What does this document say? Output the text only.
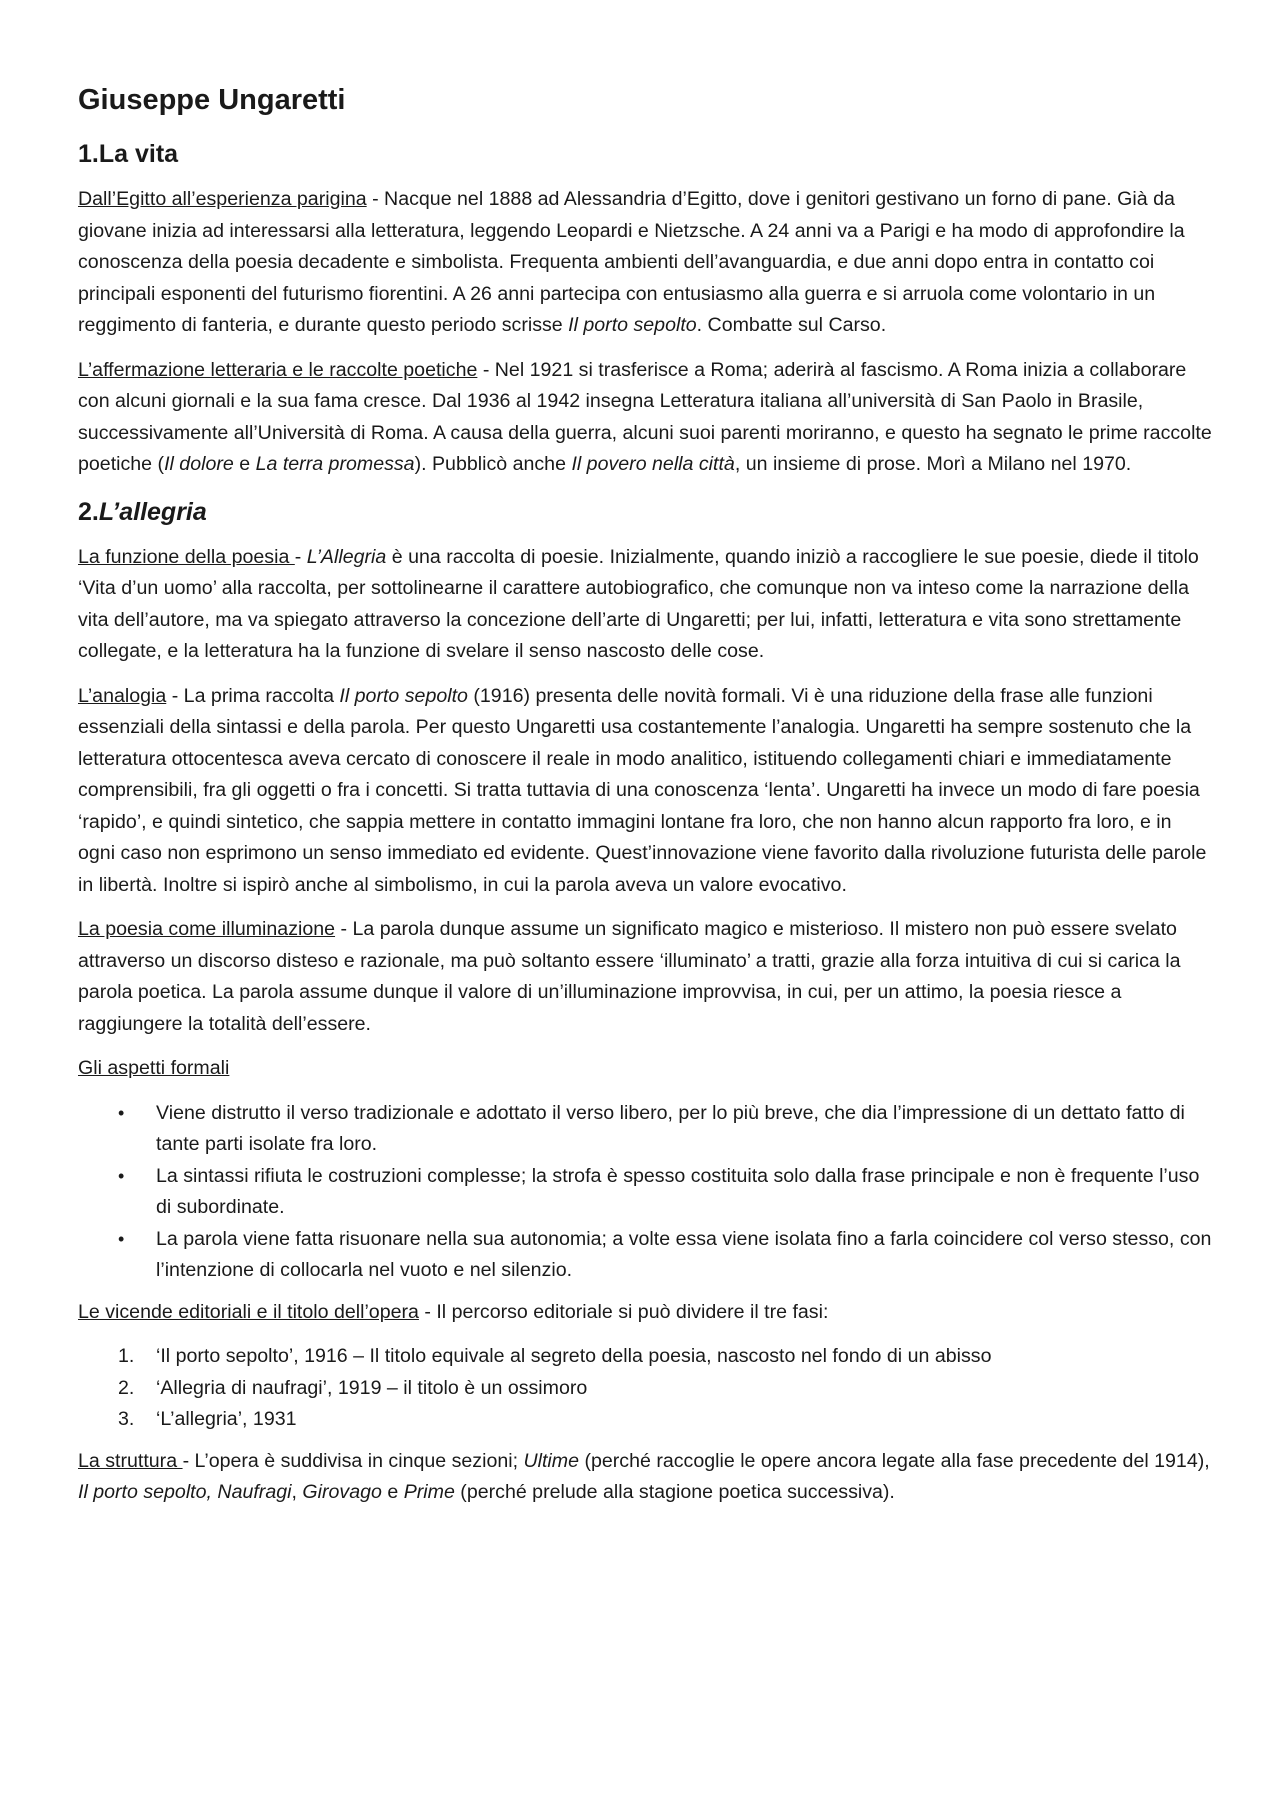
Giuseppe Ungaretti
1.La vita

Dall’Egitto all’esperienza parigina - Nacque nel 1888 ad Alessandria d’Egitto, dove i genitori gestivano un forno di pane. Già da giovane inizia ad interessarsi alla letteratura, leggendo Leopardi e Nietzsche. A 24 anni va a Parigi e ha modo di approfondire la conoscenza della poesia decadente e simbolista. Frequenta ambienti dell’avanguardia, e due anni dopo entra in contatto coi principali esponenti del futurismo fiorentini. A 26 anni partecipa con entusiasmo alla guerra e si arruola come volontario in un reggimento di fanteria, e durante questo periodo scrisse Il porto sepolto. Combatte sul Carso.

L’affermazione letteraria e le raccolte poetiche - Nel 1921 si trasferisce a Roma; aderirà al fascismo. A Roma inizia a collaborare con alcuni giornali e la sua fama cresce. Dal 1936 al 1942 insegna Letteratura italiana all’università di San Paolo in Brasile, successivamente all’Università di Roma. A causa della guerra, alcuni suoi parenti moriranno, e questo ha segnato le prime raccolte poetiche (Il dolore e La terra promessa). Pubblicò anche Il povero nella città, un insieme di prose. Morì a Milano nel 1970.

2.L’allegria

La funzione della poesia - L’Allegria è una raccolta di poesie. Inizialmente, quando iniziò a raccogliere le sue poesie, diede il titolo ‘Vita d’un uomo’ alla raccolta, per sottolinearne il carattere autobiografico, che comunque non va inteso come la narrazione della vita dell’autore, ma va spiegato attraverso la concezione dell’arte di Ungaretti; per lui, infatti, letteratura e vita sono strettamente collegate, e la letteratura ha la funzione di svelare il senso nascosto delle cose.

L’analogia - La prima raccolta Il porto sepolto (1916) presenta delle novità formali. Vi è una riduzione della frase alle funzioni essenziali della sintassi e della parola. Per questo Ungaretti usa costantemente l’analogia. Ungaretti ha sempre sostenuto che la letteratura ottocentesca aveva cercato di conoscere il reale in modo analitico, istituendo collegamenti chiari e immediatamente comprensibili, fra gli oggetti o fra i concetti. Si tratta tuttavia di una conoscenza ‘lenta’. Ungaretti ha invece un modo di fare poesia ‘rapido’, e quindi sintetico, che sappia mettere in contatto immagini lontane fra loro, che non hanno alcun rapporto fra loro, e in ogni caso non esprimono un senso immediato ed evidente. Quest’innovazione viene favorito dalla rivoluzione futurista delle parole in libertà. Inoltre si ispirò anche al simbolismo, in cui la parola aveva un valore evocativo.

La poesia come illuminazione - La parola dunque assume un significato magico e misterioso. Il mistero non può essere svelato attraverso un discorso disteso e razionale, ma può soltanto essere ‘illuminato’ a tratti, grazie alla forza intuitiva di cui si carica la parola poetica. La parola assume dunque il valore di un’illuminazione improvvisa, in cui, per un attimo, la poesia riesce a raggiungere la totalità dell’essere.

Gli aspetti formali

• Viene distrutto il verso tradizionale e adottato il verso libero, per lo più breve, che dia l’impressione di un dettato fatto di tante parti isolate fra loro.
• La sintassi rifiuta le costruzioni complesse; la strofa è spesso costituita solo dalla frase principale e non è frequente l’uso di subordinate.
• La parola viene fatta risuonare nella sua autonomia; a volte essa viene isolata fino a farla coincidere col verso stesso, con l’intenzione di collocarla nel vuoto e nel silenzio.

Le vicende editoriali e il titolo dell’opera - Il percorso editoriale si può dividere il tre fasi:

1. ‘Il porto sepolto’, 1916 – Il titolo equivale al segreto della poesia, nascosto nel fondo di un abisso
2. ‘Allegria di naufragi’, 1919 – il titolo è un ossimoro
3. ‘L’allegria’, 1931

La struttura - L’opera è suddivisa in cinque sezioni; Ultime (perché raccoglie le opere ancora legate alla fase precedente del 1914), Il porto sepolto, Naufragi, Girovago e Prime (perché prelude alla stagione poetica successiva).
